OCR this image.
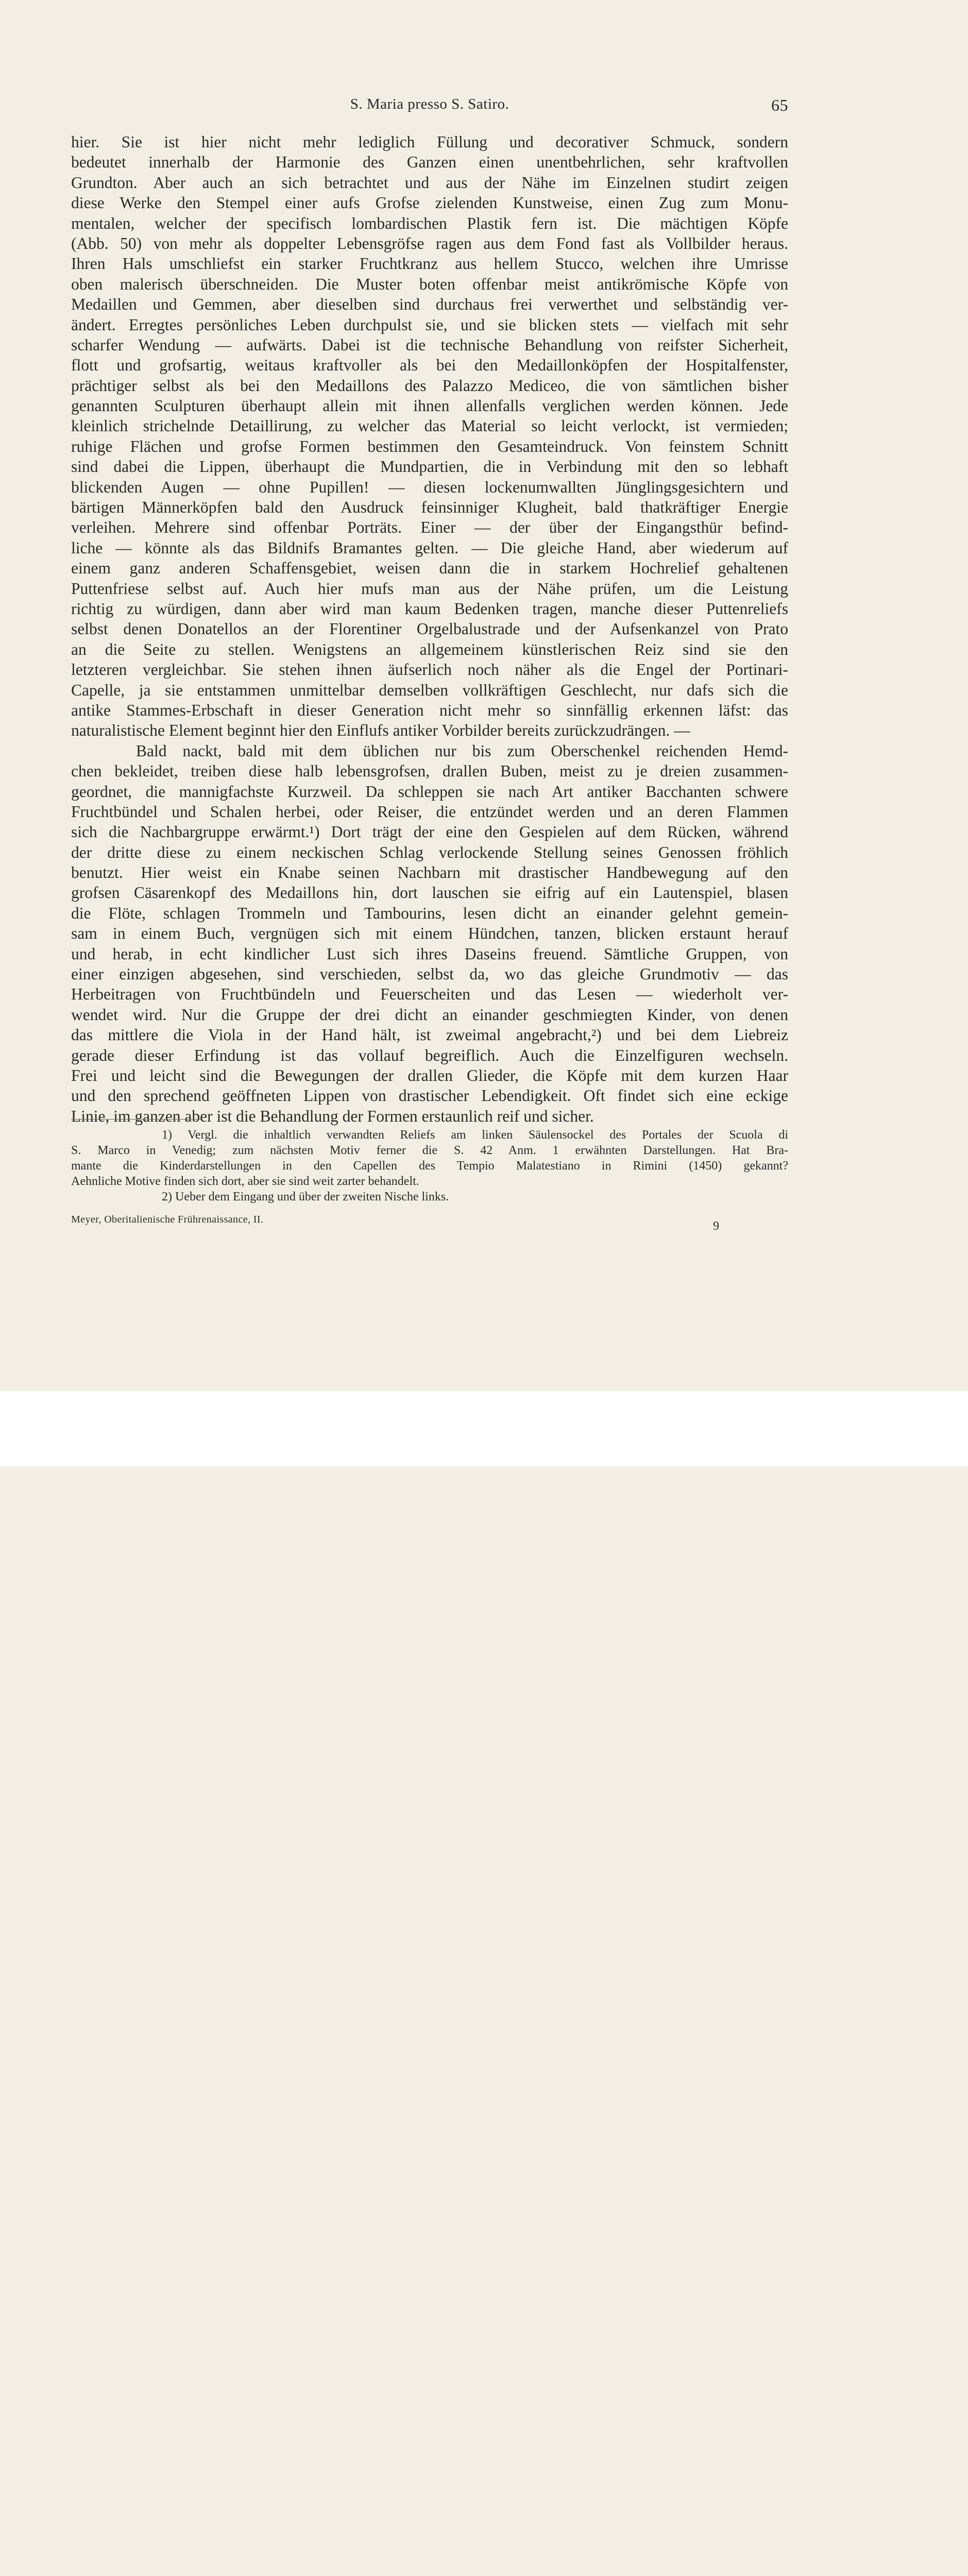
S. Maria presso S. Satiro.	65
hier. Sie ist hier nicht mehr lediglich Füllung und decorativer Schmuck, sondern
bedeutet innerhalb der Harmonie des Ganzen einen unentbehrlichen, sehr kraftvollen
Grundton. Aber auch an sich betrachtet und aus der Nähe im Einzelnen studirt zeigen
diese Werke den Stempel einer aufs Grofse zielenden Kunstweise, einen Zug zum Monu-
mentalen, welcher der specifisch lombardischen Plastik fern ist. Die mächtigen Köpfe
(Abb. 50) von mehr als doppelter Lebensgröfse ragen aus dem Fond fast als Vollbilder heraus.
Ihren Hals umschliefst ein starker Fruchtkranz aus hellem Stucco, welchen ihre Umrisse
oben malerisch überschneiden. Die Muster boten offenbar meist antikrömische Köpfe von
Medaillen und Gemmen, aber dieselben sind durchaus frei verwerthet und selbständig ver-
ändert. Erregtes persönliches Leben durchpulst sie, und sie blicken stets — vielfach mit sehr
scharfer Wendung — aufwärts. Dabei ist die technische Behandlung von reifster Sicherheit,
flott und grofsartig, weitaus kraftvoller als bei den Medaillonköpfen der Hospitalfenster,
prächtiger selbst als bei den Medaillons des Palazzo Mediceo, die von sämtlichen bisher
genannten Sculpturen überhaupt allein mit ihnen allenfalls verglichen werden können. Jede
kleinlich strichelnde Detaillirung, zu welcher das Material so leicht verlockt, ist vermieden;
ruhige Flächen und grofse Formen bestimmen den Gesamteindruck. Von feinstem Schnitt
sind dabei die Lippen, überhaupt die Mundpartien, die in Verbindung mit den so lebhaft
blickenden Augen — ohne Pupillen! — diesen lockenumwallten Jünglingsgesichtern und
bärtigen Männerköpfen bald den Ausdruck feinsinniger Klugheit, bald thatkräftiger Energie
verleihen. Mehrere sind offenbar Porträts. Einer — der über der Eingangsthür befind-
liche — könnte als das Bildnifs Bramantes gelten. — Die gleiche Hand, aber wiederum auf
einem ganz anderen Schaffensgebiet, weisen dann die in starkem Hochrelief gehaltenen
Puttenfriese selbst auf. Auch hier mufs man aus der Nähe prüfen, um die Leistung
richtig zu würdigen, dann aber wird man kaum Bedenken tragen, manche dieser Puttenreliefs
selbst denen Donatellos an der Florentiner Orgelbalustrade und der Aufsenkanzel von Prato
an die Seite zu stellen. Wenigstens an allgemeinem künstlerischen Reiz sind sie den
letzteren vergleichbar. Sie stehen ihnen äufserlich noch näher als die Engel der Portinari-
Capelle, ja sie entstammen unmittelbar demselben vollkräftigen Geschlecht, nur dafs sich die
antike Stammes-Erbschaft in dieser Generation nicht mehr so sinnfällig erkennen läfst: das
naturalistische Element beginnt hier den Einflufs antiker Vorbilder bereits zurückzudrängen. —
Bald nackt, bald mit dem üblichen nur bis zum Oberschenkel reichenden Hemd-
chen bekleidet, treiben diese halb lebensgrofsen, drallen Buben, meist zu je dreien zusammen-
geordnet, die mannigfachste Kurzweil. Da schleppen sie nach Art antiker Bacchanten schwere
Fruchtbündel und Schalen herbei, oder Reiser, die entzündet werden und an deren Flammen
sich die Nachbargruppe erwärmt.¹) Dort trägt der eine den Gespielen auf dem Rücken, während
der dritte diese zu einem neckischen Schlag verlockende Stellung seines Genossen fröhlich
benutzt. Hier weist ein Knabe seinen Nachbarn mit drastischer Handbewegung auf den
grofsen Cäsarenkopf des Medaillons hin, dort lauschen sie eifrig auf ein Lautenspiel, blasen
die Flöte, schlagen Trommeln und Tambourins, lesen dicht an einander gelehnt gemein-
sam in einem Buch, vergnügen sich mit einem Hündchen, tanzen, blicken erstaunt herauf
und herab, in echt kindlicher Lust sich ihres Daseins freuend. Sämtliche Gruppen, von
einer einzigen abgesehen, sind verschieden, selbst da, wo das gleiche Grundmotiv — das
Herbeitragen von Fruchtbündeln und Feuerscheiten und das Lesen — wiederholt ver-
wendet wird. Nur die Gruppe der drei dicht an einander geschmiegten Kinder, von denen
das mittlere die Viola in der Hand hält, ist zweimal angebracht,²) und bei dem Liebreiz
gerade dieser Erfindung ist das vollauf begreiflich. Auch die Einzelfiguren wechseln.
Frei und leicht sind die Bewegungen der drallen Glieder, die Köpfe mit dem kurzen Haar
und den sprechend geöffneten Lippen von drastischer Lebendigkeit. Oft findet sich eine eckige
Linie, im ganzen aber ist die Behandlung der Formen erstaunlich reif und sicher.
1) Vergl. die inhaltlich verwandten Reliefs am linken Säulensockel des Portales der Scuola di
S. Marco in Venedig; zum nächsten Motiv ferner die S. 42 Anm. 1 erwähnten Darstellungen. Hat Bra-
mante die Kinderdarstellungen in den Capellen des Tempio Malatestiano in Rimini (1450) gekannt?
Aehnliche Motive finden sich dort, aber sie sind weit zarter behandelt.
2) Ueber dem Eingang und über der zweiten Nische links.
Meyer, Oberitalienische Frührenaissance, II.	9
